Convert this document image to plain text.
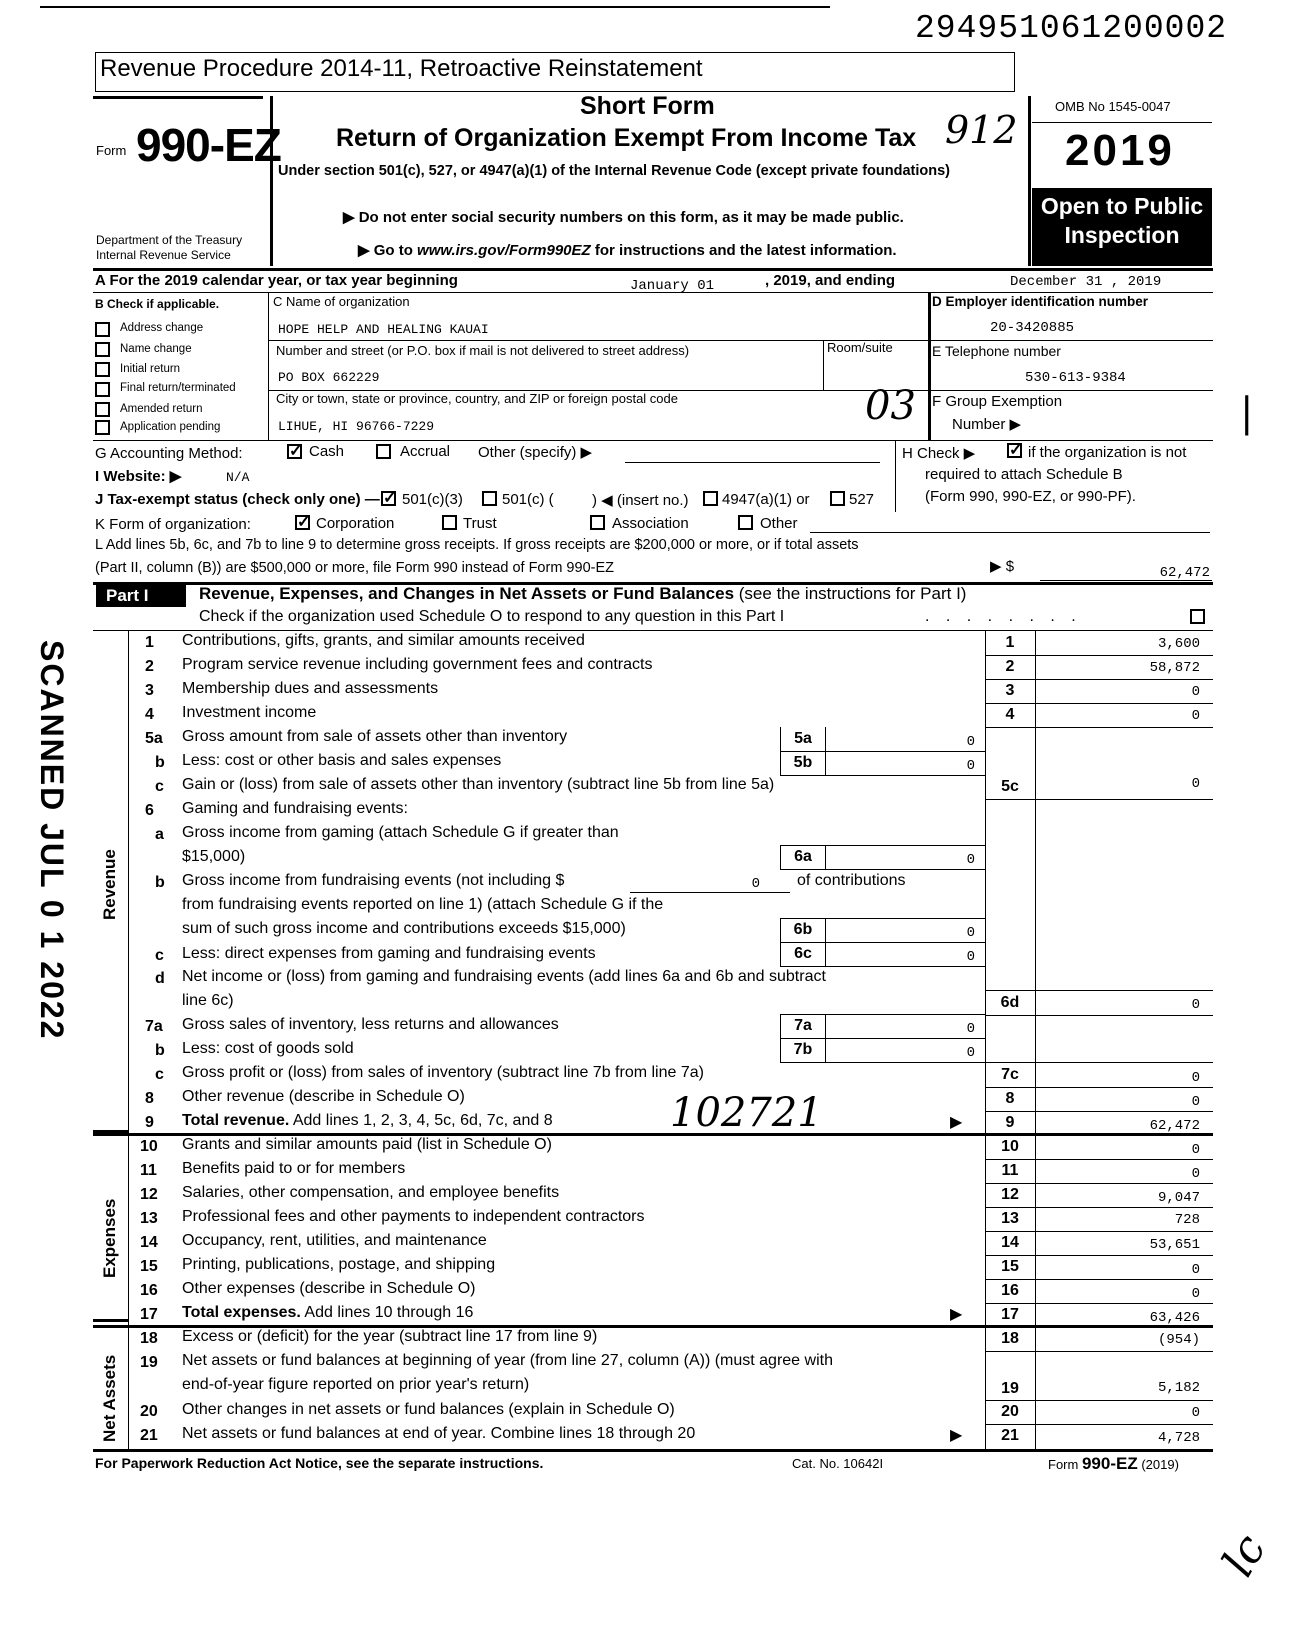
294951061200002
Revenue Procedure 2014-11, Retroactive Reinstatement
Form 990-EZ
Department of the Treasury
Internal Revenue Service
Short Form
Return of Organization Exempt From Income Tax 912
Under section 501(c), 527, or 4947(a)(1) of the Internal Revenue Code (except private foundations)
▶ Do not enter social security numbers on this form, as it may be made public.
▶ Go to www.irs.gov/Form990EZ for instructions and the latest information.
OMB No 1545-0047
2019
Open to Public
Inspection
A For the 2019 calendar year, or tax year beginning	January 01	, 2019, and ending	December 31 , 2019
B Check if applicable.
Address change
Name change
Initial return
Final return/terminated
Amended return
Application pending
C Name of organization
HOPE HELP AND HEALING KAUAI
Number and street (or P.O. box if mail is not delivered to street address)	Room/suite
PO BOX 662229
City or town, state or province, country, and ZIP or foreign postal code
LIHUE, HI 96766-7229	03
D Employer identification number
20-3420885
E Telephone number
530-613-9384
F Group Exemption
Number ▶	|
G Accounting Method: ✓	Cash	Accrual Other (specify) ▶	H Check ▶ ✓	if the organization is not
required to attach Schedule B
(Form 990, 990-EZ, or 990-PF).
I Website: ▶	N/A
J Tax-exempt status (check only one) — ✓ 501(c)(3)	501(c) (	) ◀ (insert no.) 4947(a)(1) or	527
K Form of organization: ✓	Corporation	Trust	Association	Other
L Add lines 5b, 6c, and 7b to line 9 to determine gross receipts. If gross receipts are $200,000 or more, or if total assets
(Part II, column (B)) are $500,000 or more, file Form 990 instead of Form 990-EZ	▶ $	62,472
Part I	Revenue, Expenses, and Changes in Net Assets or Fund Balances (see the instructions for Part I)
Check if the organization used Schedule O to respond to any question in this Part I	. . . . . . . .
Revenue
Expenses
Net Assets
1 Contributions, gifts, grants, and similar amounts received	1	3,600
2 Program service revenue including government fees and contracts	2	58,872
3 Membership dues and assessments	3	0
4 Investment income	4	0
5a Gross amount from sale of assets other than inventory	5a	0
b Less: cost or other basis and sales expenses	5b	0
c Gain or (loss) from sale of assets other than inventory (subtract line 5b from line 5a)	5c	0
6 Gaming and fundraising events:
a Gross income from gaming (attach Schedule G if greater than
$15,000)	6a	0
b Gross income from fundraising events (not including $	0 of contributions
from fundraising events reported on line 1) (attach Schedule G if the
sum of such gross income and contributions exceeds $15,000)	6b	0
c Less: direct expenses from gaming and fundraising events	6c	0
d Net income or (loss) from gaming and fundraising events (add lines 6a and 6b and subtract
line 6c)	6d	0
7a Gross sales of inventory, less returns and allowances	7a	0
b Less: cost of goods sold	7b	0
c Gross profit or (loss) from sales of inventory (subtract line 7b from line 7a)	7c	0
8 Other revenue (describe in Schedule O)	8	0
9 Total revenue. Add lines 1, 2, 3, 4, 5c, 6d, 7c, and 8	102721	▶	9	62,472
10 Grants and similar amounts paid (list in Schedule O)	10	0
11 Benefits paid to or for members	11	0
12 Salaries, other compensation, and employee benefits	12	9,047
13 Professional fees and other payments to independent contractors	13	728
14 Occupancy, rent, utilities, and maintenance	14	53,651
15 Printing, publications, postage, and shipping	15	0
16 Other expenses (describe in Schedule O)	16	0
17 Total expenses. Add lines 10 through 16	▶	17	63,426
18 Excess or (deficit) for the year (subtract line 17 from line 9)	18	(954)
19 Net assets or fund balances at beginning of year (from line 27, column (A)) (must agree with
end-of-year figure reported on prior year's return)	19	5,182
20 Other changes in net assets or fund balances (explain in Schedule O)	20	0
21 Net assets or fund balances at end of year. Combine lines 18 through 20	▶	21	4,728
For Paperwork Reduction Act Notice, see the separate instructions.	Cat. No. 10642I	Form 990-EZ (2019)
SCANNED JUL 0 1 2022
lc
